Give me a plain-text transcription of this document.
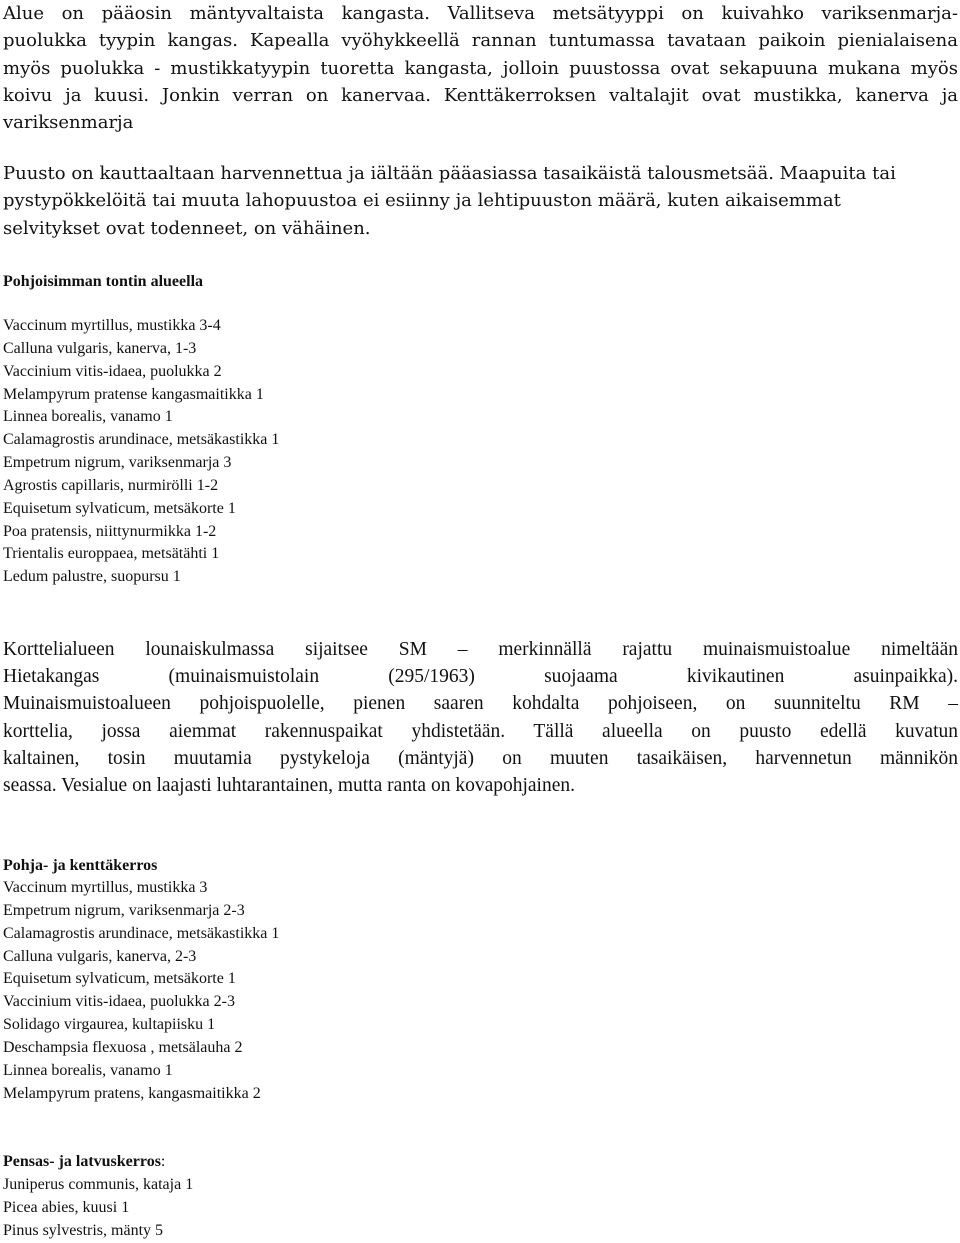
Alue on pääosin mäntyvaltaista kangasta. Vallitseva metsätyyppi on kuivahko variksenmarja-
puolukka tyypin kangas. Kapealla vyöhykkeellä rannan tuntumassa tavataan paikoin pienialaisena
myös puolukka - mustikkatyypin tuoretta kangasta, jolloin puustossa ovat sekapuuna mukana myös
koivu ja kuusi. Jonkin verran on kanervaa. Kenttäkerroksen valtalajit ovat mustikka, kanerva ja
variksenmarja
Puusto on kauttaaltaan harvennettua ja iältään pääasiassa tasaikäistä talousmetsää. Maapuita tai
pystypökkelöitä tai muuta lahopuustoa ei esiinny ja lehtipuuston määrä, kuten aikaisemmat
selvitykset ovat todenneet, on vähäinen.
Pohjoisimman tontin alueella
Vaccinum myrtillus, mustikka 3-4
Calluna vulgaris, kanerva, 1-3
Vaccinium vitis-idaea, puolukka 2
Melampyrum pratense kangasmaitikka 1
Linnea borealis, vanamo 1
Calamagrostis arundinace, metsäkastikka 1
Empetrum nigrum, variksenmarja 3
Agrostis capillaris, nurmirölli 1-2
Equisetum sylvaticum, metsäkorte 1
Poa pratensis, niittynurmikka 1-2
Trientalis europpaea, metsätähti 1
Ledum palustre, suopursu 1
Korttelialueen lounaiskulmassa sijaitsee SM – merkinnällä rajattu muinaismuistoalue nimeltään
Hietakangas (muinaismuistolain (295/1963) suojaama kivikautinen asuinpaikka).
Muinaismuistoalueen pohjoispuolelle, pienen saaren kohdalta pohjoiseen, on suunniteltu RM –
korttelia, jossa aiemmat rakennuspaikat yhdistetään. Tällä alueella on puusto edellä kuvatun
kaltainen, tosin muutamia pystykeloja (mäntyjä) on muuten tasaikäisen, harvennetun männikön
seassa. Vesialue on laajasti luhtarantainen, mutta ranta on kovapohjainen.
Pohja- ja kenttäkerros
Vaccinum myrtillus, mustikka 3
Empetrum nigrum, variksenmarja 2-3
Calamagrostis arundinace, metsäkastikka 1
Calluna vulgaris, kanerva, 2-3
Equisetum sylvaticum, metsäkorte 1
Vaccinium vitis-idaea, puolukka 2-3
Solidago virgaurea, kultapiisku 1
Deschampsia flexuosa , metsälauha 2
Linnea borealis, vanamo 1
Melampyrum pratens, kangasmaitikka 2
Pensas- ja latvuskerros:
Juniperus communis, kataja 1
Picea abies, kuusi 1
Pinus sylvestris, mänty 5
